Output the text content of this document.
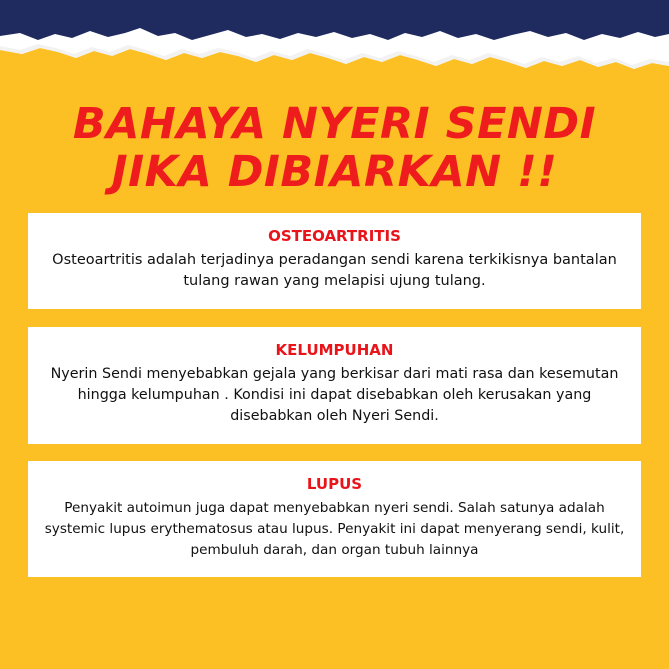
BAHAYA NYERI SENDI
JIKA DIBIARKAN !!
OSTEOARTRITIS

Osteoartritis adalah terjadinya peradangan sendi karena terkikisnya bantalan tulang rawan yang melapisi ujung tulang.

KELUMPUHAN

Nyerin Sendi menyebabkan gejala yang berkisar dari mati rasa dan kesemutan hingga kelumpuhan . Kondisi ini dapat disebabkan oleh kerusakan yang disebabkan oleh Nyeri Sendi.

LUPUS

Penyakit autoimun juga dapat menyebabkan nyeri sendi. Salah satunya adalah systemic lupus erythematosus atau lupus. Penyakit ini dapat menyerang sendi, kulit, pembuluh darah, dan organ tubuh lainnya
